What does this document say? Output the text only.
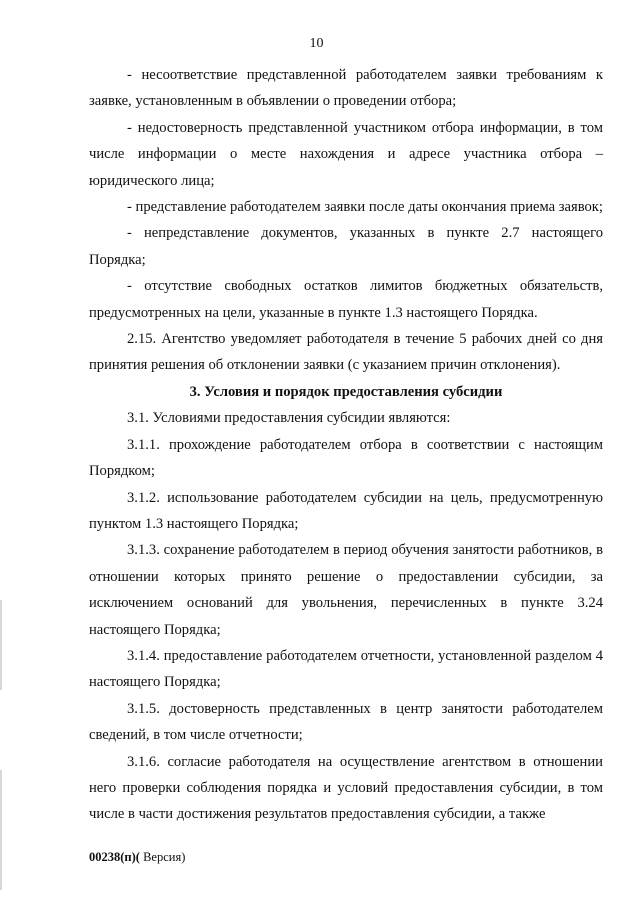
10

- несоответствие представленной работодателем заявки требованиям к заявке, установленным в объявлении о проведении отбора;

- недостоверность представленной участником отбора информации, в том числе информации о месте нахождения и адресе участника отбора – юридического лица;

- представление работодателем заявки после даты окончания приема заявок;

- непредставление документов, указанных в пункте 2.7 настоящего Порядка;

- отсутствие свободных остатков лимитов бюджетных обязательств, предусмотренных на цели, указанные в пункте 1.3 настоящего Порядка.

2.15. Агентство уведомляет работодателя в течение 5 рабочих дней со дня принятия решения об отклонении заявки (с указанием причин отклонения).

3. Условия и порядок предоставления субсидии

3.1. Условиями предоставления субсидии являются:

3.1.1. прохождение работодателем отбора в соответствии с настоящим Порядком;

3.1.2. использование работодателем субсидии на цель, предусмотренную пунктом 1.3 настоящего Порядка;

3.1.3. сохранение работодателем в период обучения занятости работников, в отношении которых принято решение о предоставлении субсидии, за исключением оснований для увольнения, перечисленных в пункте 3.24 настоящего Порядка;

3.1.4. предоставление работодателем отчетности, установленной разделом 4 настоящего Порядка;

3.1.5. достоверность представленных в центр занятости работодателем сведений, в том числе отчетности;

3.1.6. согласие работодателя на осуществление агентством в отношении него проверки соблюдения порядка и условий предоставления субсидии, в том числе в части достижения результатов предоставления субсидии, а также

00238(п)( Версия)
